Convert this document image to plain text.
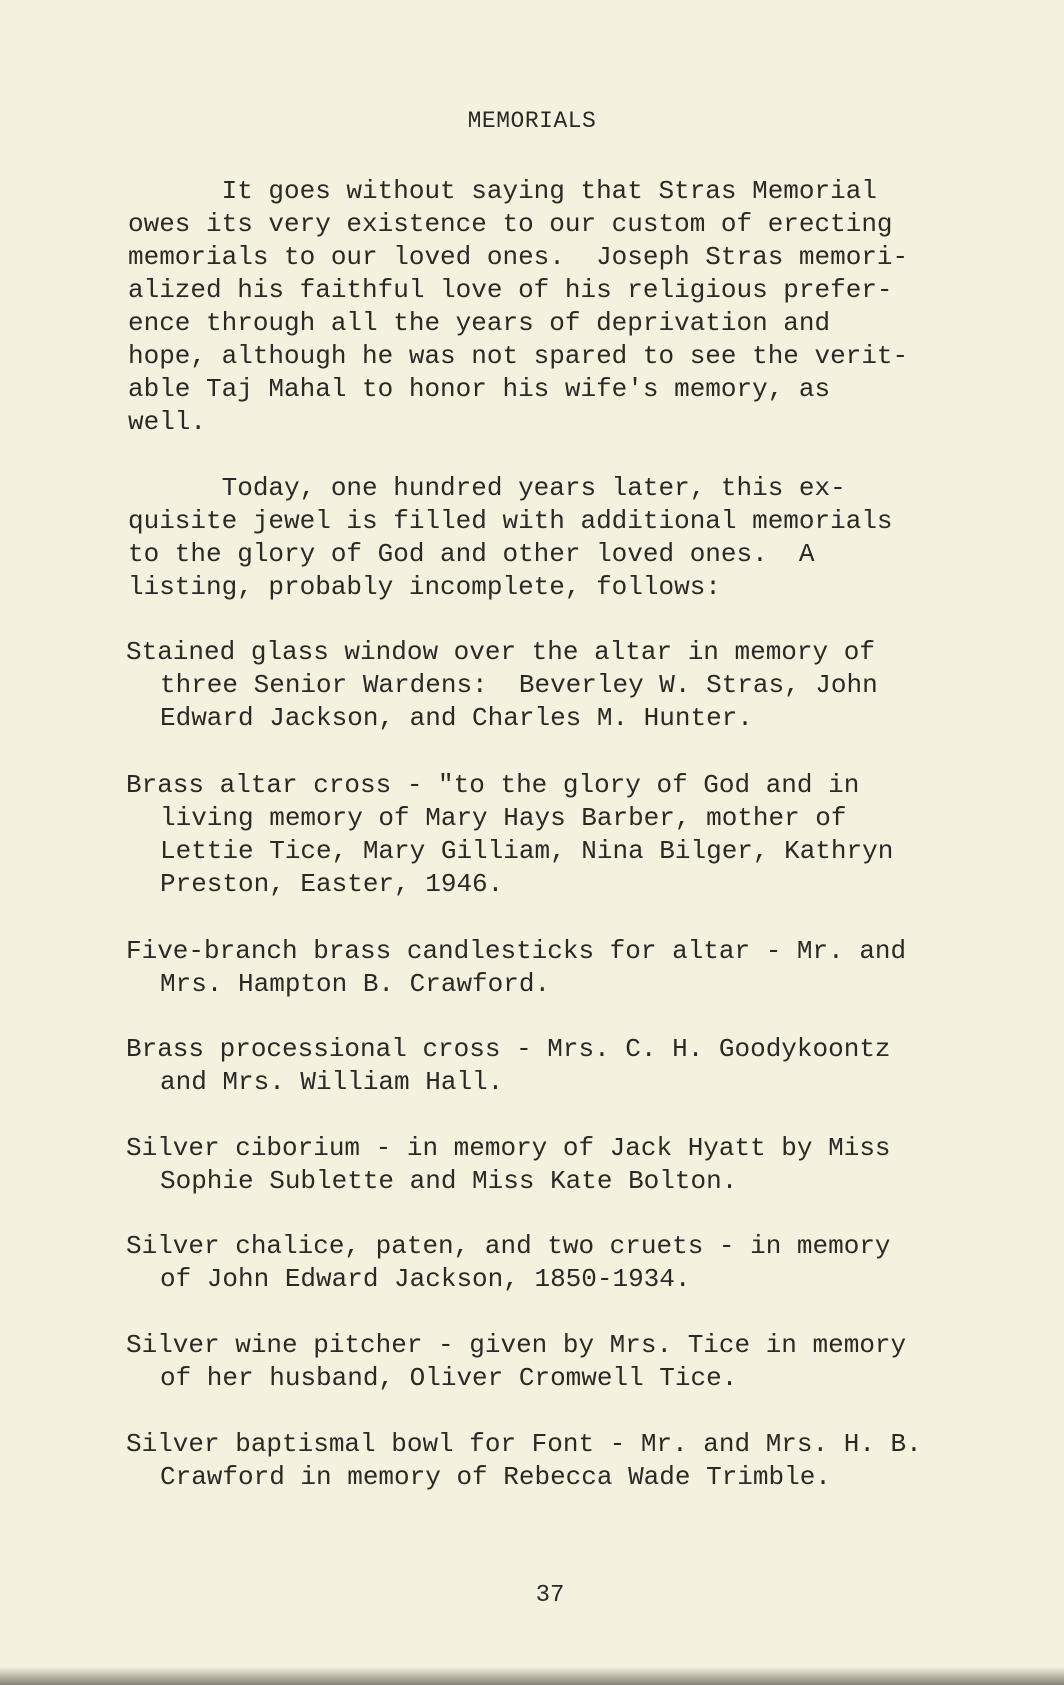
MEMORIALS

It goes without saying that Stras Memorial
owes its very existence to our custom of erecting
memorials to our loved ones.  Joseph Stras memori-
alized his faithful love of his religious prefer-
ence through all the years of deprivation and
hope, although he was not spared to see the verit-
able Taj Mahal to honor his wife's memory, as
well.

Today, one hundred years later, this ex-
quisite jewel is filled with additional memorials
to the glory of God and other loved ones.  A
listing, probably incomplete, follows:

Stained glass window over the altar in memory of
three Senior Wardens:  Beverley W. Stras, John
Edward Jackson, and Charles M. Hunter.
Brass altar cross - "to the glory of God and in
living memory of Mary Hays Barber, mother of
Lettie Tice, Mary Gilliam, Nina Bilger, Kathryn
Preston, Easter, 1946.
Five-branch brass candlesticks for altar - Mr. and
Mrs. Hampton B. Crawford.
Brass processional cross - Mrs. C. H. Goodykoontz
and Mrs. William Hall.
Silver ciborium - in memory of Jack Hyatt by Miss
Sophie Sublette and Miss Kate Bolton.
Silver chalice, paten, and two cruets - in memory
of John Edward Jackson, 1850-1934.
Silver wine pitcher - given by Mrs. Tice in memory
of her husband, Oliver Cromwell Tice.
Silver baptismal bowl for Font - Mr. and Mrs. H. B.
Crawford in memory of Rebecca Wade Trimble.
37
